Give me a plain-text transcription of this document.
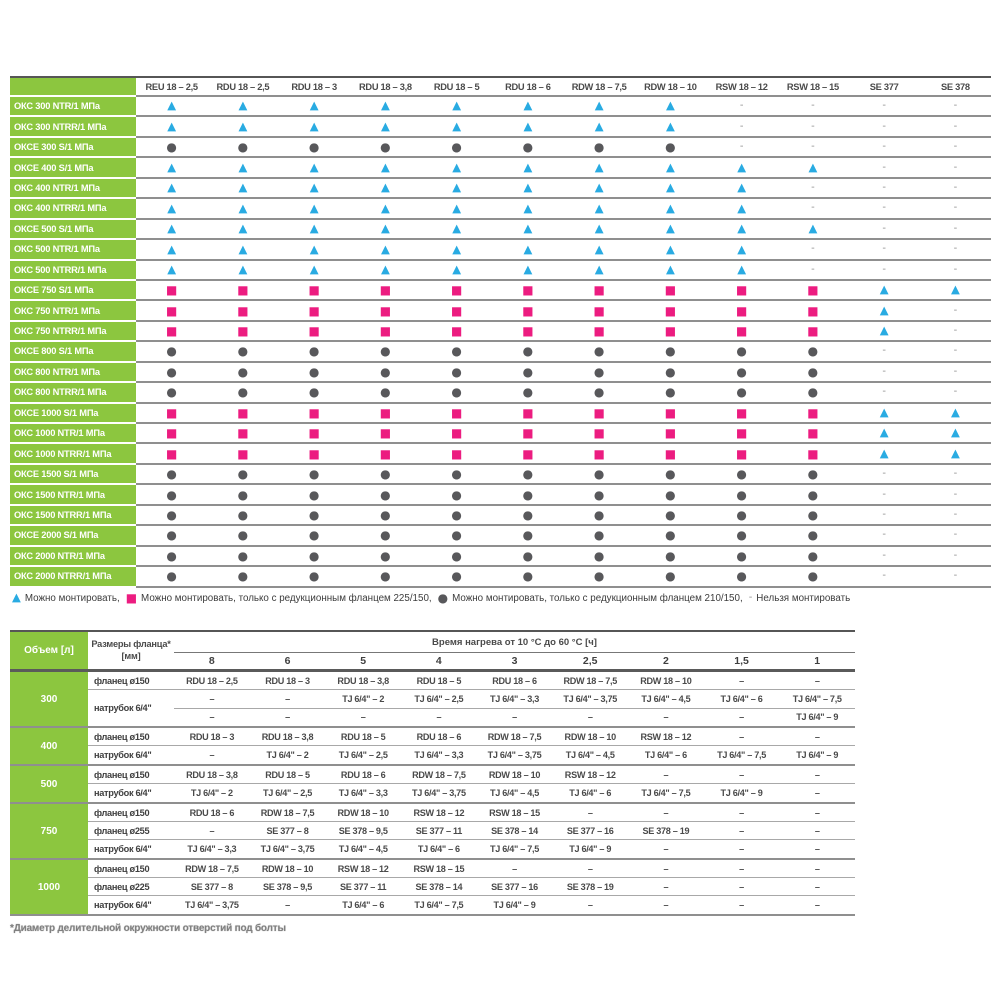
REU 18 – 2,5	RDU 18 – 2,5	RDU 18 – 3	RDU 18 – 3,8	RDU 18 – 5	RDU 18 – 6	RDW 18 – 7,5	RDW 18 – 10	RSW 18 – 12	RSW 18 – 15	SE 377	SE 378
ОКС 300 NTR/1 МПа	▲	▲	▲	▲	▲	▲	▲	▲	-	-	-	-
ОКС 300 NTRR/1 МПа	▲	▲	▲	▲	▲	▲	▲	▲	-	-	-	-
ОКСЕ 300 S/1 МПа	●	●	●	●	●	●	●	●	-	-	-	-
ОКСЕ 400 S/1 МПа	▲	▲	▲	▲	▲	▲	▲	▲	▲	▲	-	-
ОКС 400 NTR/1 МПа	▲	▲	▲	▲	▲	▲	▲	▲	▲	-	-	-
ОКС 400 NTRR/1 МПа	▲	▲	▲	▲	▲	▲	▲	▲	▲	-	-	-
ОКСЕ 500 S/1 МПа	▲	▲	▲	▲	▲	▲	▲	▲	▲	▲	-	-
ОКС 500 NTR/1 МПа	▲	▲	▲	▲	▲	▲	▲	▲	▲	-	-	-
ОКС 500 NTRR/1 МПа	▲	▲	▲	▲	▲	▲	▲	▲	▲	-	-	-
ОКСЕ 750 S/1 МПа	■	■	■	■	■	■	■	■	■	■	▲	▲
ОКС 750 NTR/1 МПа	■	■	■	■	■	■	■	■	■	■	▲	-
ОКС 750 NTRR/1 МПа	■	■	■	■	■	■	■	■	■	■	▲	-
ОКСЕ 800 S/1 МПа	●	●	●	●	●	●	●	●	●	●	-	-
ОКС 800 NTR/1 МПа	●	●	●	●	●	●	●	●	●	●	-	-
ОКС 800 NTRR/1 МПа	●	●	●	●	●	●	●	●	●	●	-	-
ОКСЕ 1000 S/1 МПа	■	■	■	■	■	■	■	■	■	■	▲	▲
ОКС 1000 NTR/1 МПа	■	■	■	■	■	■	■	■	■	■	▲	▲
ОКС 1000 NTRR/1 МПа	■	■	■	■	■	■	■	■	■	■	▲	▲
ОКСЕ 1500 S/1 МПа	●	●	●	●	●	●	●	●	●	●	-	-
ОКС 1500 NTR/1 МПа	●	●	●	●	●	●	●	●	●	●	-	-
ОКС 1500 NTRR/1 МПа	●	●	●	●	●	●	●	●	●	●	-	-
ОКСЕ 2000 S/1 МПа	●	●	●	●	●	●	●	●	●	●	-	-
ОКС 2000 NTR/1 МПа	●	●	●	●	●	●	●	●	●	●	-	-
ОКС 2000 NTRR/1 МПа	●	●	●	●	●	●	●	●	●	●	-	-
▲ Можно монтировать, ■ Можно монтировать, только с редукционным фланцем 225/150, ● Можно монтировать, только с редукционным фланцем 210/150, - Нельзя монтировать
Объем [л]
Размеры фланца*
[мм]
Время нагрева от 10 °C до 60 °C [ч]
8	6	5	4	3	2,5	2	1,5	1
300
фланец ø150	RDU 18 – 2,5	RDU 18 – 3	RDU 18 – 3,8	RDU 18 – 5	RDU 18 – 6	RDW 18 – 7,5	RDW 18 – 10	–	–
натрубок 6/4"
–	–	TJ 6/4" – 2	TJ 6/4" – 2,5	TJ 6/4" – 3,3	TJ 6/4" – 3,75	TJ 6/4" – 4,5	TJ 6/4" – 6	TJ 6/4" – 7,5
–	–	–	–	–	–	–	–	TJ 6/4" – 9
400
фланец ø150	RDU 18 – 3	RDU 18 – 3,8	RDU 18 – 5	RDU 18 – 6	RDW 18 – 7,5	RDW 18 – 10	RSW 18 – 12	–	–
натрубок 6/4"	–	TJ 6/4" – 2	TJ 6/4" – 2,5	TJ 6/4" – 3,3	TJ 6/4" – 3,75	TJ 6/4" – 4,5	TJ 6/4" – 6	TJ 6/4" – 7,5	TJ 6/4" – 9
500
фланец ø150	RDU 18 – 3,8	RDU 18 – 5	RDU 18 – 6	RDW 18 – 7,5	RDW 18 – 10	RSW 18 – 12	–	–	–
натрубок 6/4"	TJ 6/4" – 2	TJ 6/4" – 2,5	TJ 6/4" – 3,3	TJ 6/4" – 3,75	TJ 6/4" – 4,5	TJ 6/4" – 6	TJ 6/4" – 7,5	TJ 6/4" – 9	–
750
фланец ø150	RDU 18 – 6	RDW 18 – 7,5	RDW 18 – 10	RSW 18 – 12	RSW 18 – 15	–	–	–	–
фланец ø255	–	SE 377 – 8	SE 378 – 9,5	SE 377 – 11	SE 378 – 14	SE 377 – 16	SE 378 – 19	–	–
натрубок 6/4"	TJ 6/4" – 3,3	TJ 6/4" – 3,75	TJ 6/4" – 4,5	TJ 6/4" – 6	TJ 6/4" – 7,5	TJ 6/4" – 9	–	–	–
1000
фланец ø150	RDW 18 – 7,5	RDW 18 – 10	RSW 18 – 12	RSW 18 – 15	–	–	–	–	–
фланец ø225	SE 377 – 8	SE 378 – 9,5	SE 377 – 11	SE 378 – 14	SE 377 – 16	SE 378 – 19	–	–	–
натрубок 6/4"	TJ 6/4" – 3,75	–	TJ 6/4" – 6	TJ 6/4" – 7,5	TJ 6/4" – 9	–	–	–	–
*Диаметр делительной окружности отверстий под болты
